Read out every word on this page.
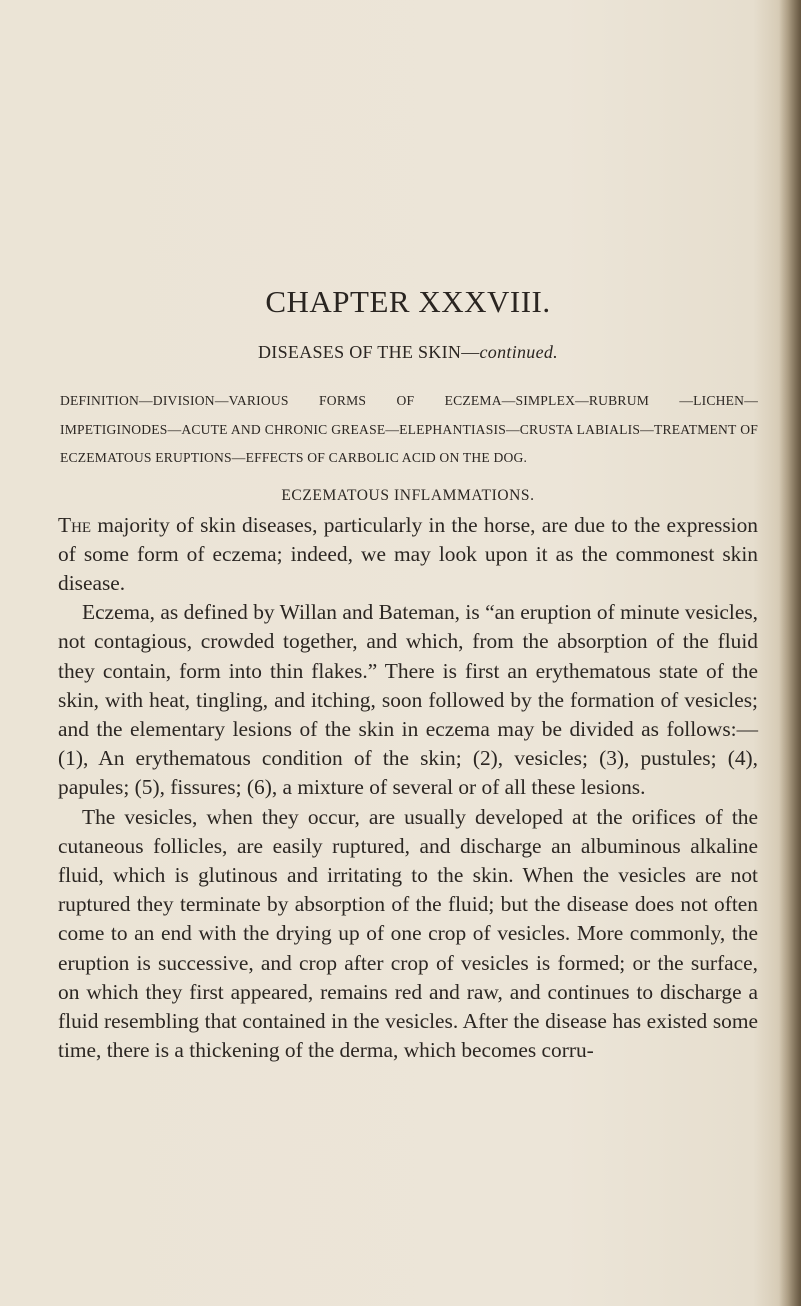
CHAPTER XXXVIII.
DISEASES OF THE SKIN—continued.

DEFINITION—DIVISION—VARIOUS FORMS OF ECZEMA—SIMPLEX—RUBRUM —LICHEN—IMPETIGINODES—ACUTE AND CHRONIC GREASE—ELEPHANTIASIS—CRUSTA LABIALIS—TREATMENT OF ECZEMATOUS ERUPTIONS—EFFECTS OF CARBOLIC ACID ON THE DOG.

ECZEMATOUS INFLAMMATIONS.

The majority of skin diseases, particularly in the horse, are due to the expression of some form of eczema; indeed, we may look upon it as the commonest skin disease.

Eczema, as defined by Willan and Bateman, is “an eruption of minute vesicles, not contagious, crowded together, and which, from the absorption of the fluid they contain, form into thin flakes.” There is first an erythematous state of the skin, with heat, tingling, and itching, soon followed by the formation of vesicles; and the elementary lesions of the skin in eczema may be divided as follows:—(1), An erythematous condition of the skin; (2), vesicles; (3), pustules; (4), papules; (5), fissures; (6), a mixture of several or of all these lesions.

The vesicles, when they occur, are usually developed at the orifices of the cutaneous follicles, are easily ruptured, and discharge an albuminous alkaline fluid, which is glutinous and irritating to the skin. When the vesicles are not ruptured they terminate by absorption of the fluid; but the disease does not often come to an end with the drying up of one crop of vesicles. More commonly, the eruption is successive, and crop after crop of vesicles is formed; or the surface, on which they first appeared, remains red and raw, and continues to discharge a fluid resembling that contained in the vesicles. After the disease has existed some time, there is a thickening of the derma, which becomes corru-
